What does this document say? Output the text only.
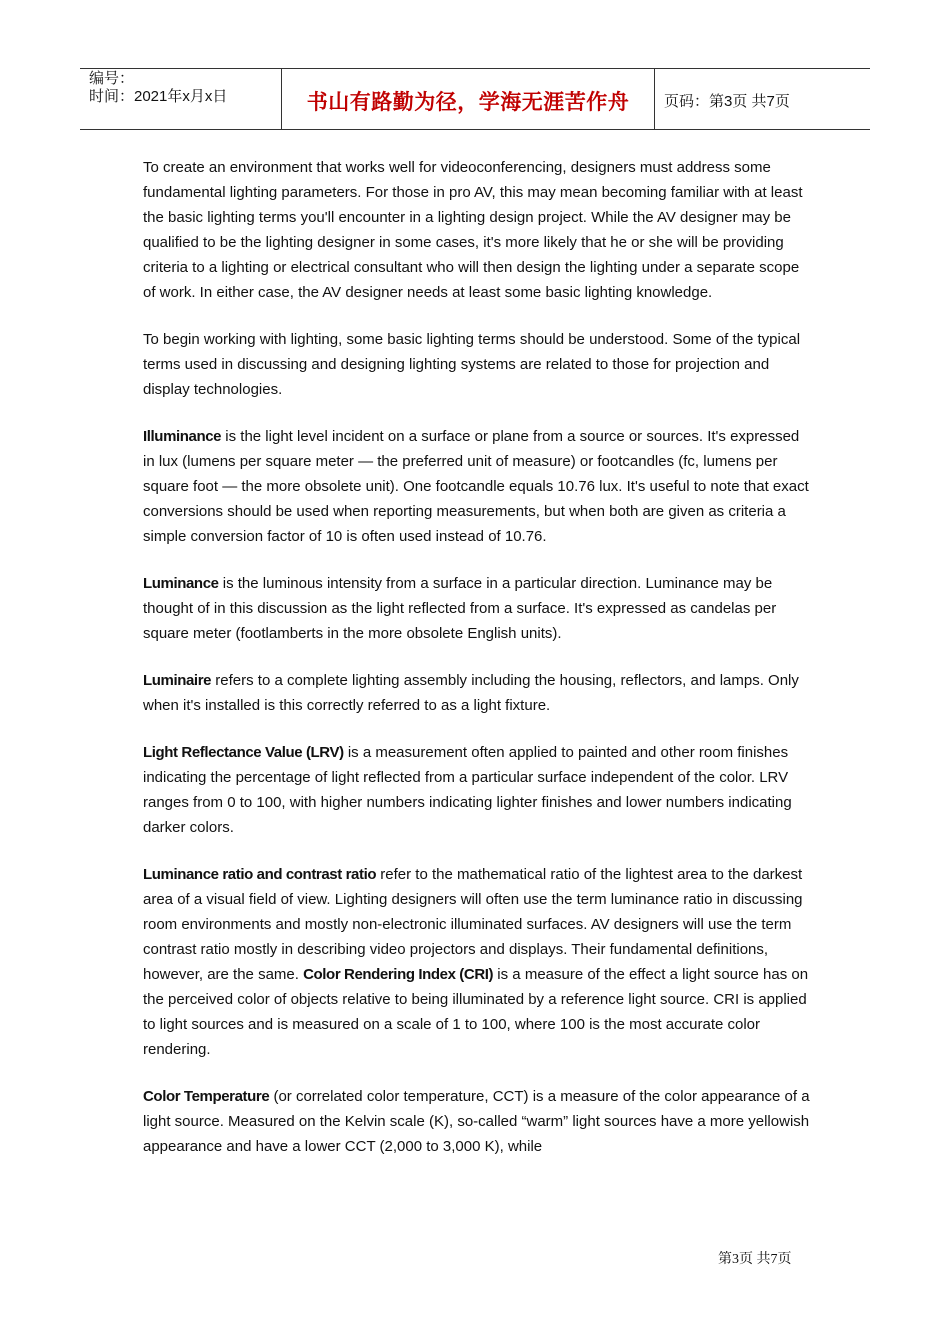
编号：
时间：2021年x月x日	书山有路勤为径，学海无涯苦作舟	页码：第3页 共7页

To create an environment that works well for videoconferencing, designers must address some fundamental lighting parameters. For those in pro AV, this may mean becoming familiar with at least the basic lighting terms you'll encounter in a lighting design project. While the AV designer may be qualified to be the lighting designer in some cases, it's more likely that he or she will be providing criteria to a lighting or electrical consultant who will then design the lighting under a separate scope of work. In either case, the AV designer needs at least some basic lighting knowledge.

To begin working with lighting, some basic lighting terms should be understood. Some of the typical terms used in discussing and designing lighting systems are related to those for projection and display technologies.

Illuminance is the light level incident on a surface or plane from a source or sources. It's expressed in lux (lumens per square meter — the preferred unit of measure) or footcandles (fc, lumens per square foot — the more obsolete unit). One footcandle equals 10.76 lux. It's useful to note that exact conversions should be used when reporting measurements, but when both are given as criteria a simple conversion factor of 10 is often used instead of 10.76.

Luminance is the luminous intensity from a surface in a particular direction. Luminance may be thought of in this discussion as the light reflected from a surface. It's expressed as candelas per square meter (footlamberts in the more obsolete English units).

Luminaire refers to a complete lighting assembly including the housing, reflectors, and lamps. Only when it's installed is this correctly referred to as a light fixture.

Light Reflectance Value (LRV) is a measurement often applied to painted and other room finishes indicating the percentage of light reflected from a particular surface independent of the color. LRV ranges from 0 to 100, with higher numbers indicating lighter finishes and lower numbers indicating darker colors.

Luminance ratio and contrast ratio refer to the mathematical ratio of the lightest area to the darkest area of a visual field of view. Lighting designers will often use the term luminance ratio in discussing room environments and mostly non-electronic illuminated surfaces. AV designers will use the term contrast ratio mostly in describing video projectors and displays. Their fundamental definitions, however, are the same. Color Rendering Index (CRI) is a measure of the effect a light source has on the perceived color of objects relative to being illuminated by a reference light source. CRI is applied to light sources and is measured on a scale of 1 to 100, where 100 is the most accurate color rendering.

Color Temperature (or correlated color temperature, CCT) is a measure of the color appearance of a light source. Measured on the Kelvin scale (K), so-called “warm” light sources have a more yellowish appearance and have a lower CCT (2,000 to 3,000 K), while

第3页 共7页
